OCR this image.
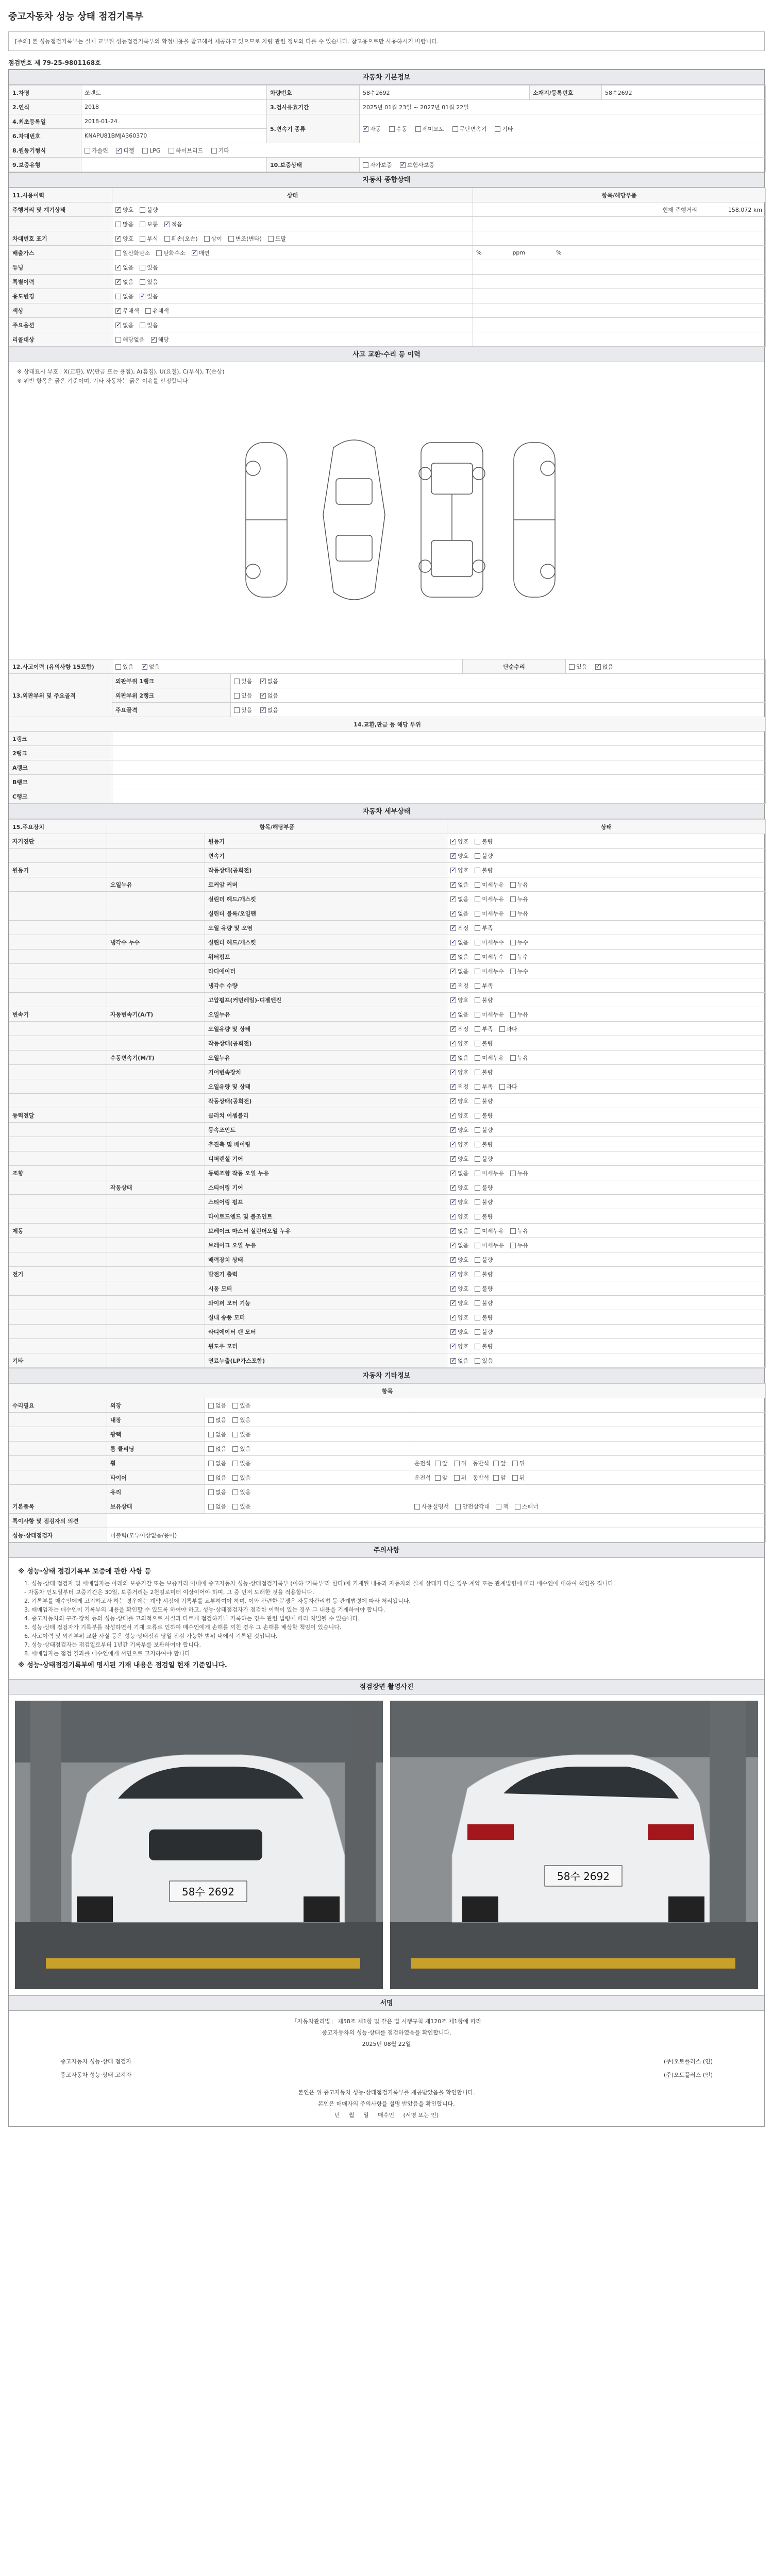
중고자동차 성능 상태 점검기록부
[주의] 본 성능점검기록부는 실제 교부된 성능점검기록부의 확정내용을 참고해서 제공하고 있으므로 차량 관련 정보와 다를 수 있습니다. 참고용으로만 사용하시기 바랍니다.
점검번호 제 79-25-9801168호
자동차 기본정보
1.차명	쏘렌토	차량번호	58수2692	소재지/등록번호	58수2692
2.연식	2018	3.검사유효기간	2025년 01월 23일 ~ 2027년 01월 22일		
4.최초등록일	2018-01-24	5.변속기 종류	✓자동 수동 세미오토 무단변속기 기타
6.차대번호	KNAPU81BMJA360370				
8.원동기형식	가솔린 ✓ 디젤 LPG 하이브리드 기타
9.보증유형		10.보증상태	자가보증 ✓ 보험사보증
자동차 종합상태
11.사용이력	상태	항목/해당부품
주행거리 및 계기상태	✓양호 불량	현재 주행거리 158,072 km
	많음 보통 ✓ 적음	
차대번호 표기	✓양호 부식 훼손(오손) 상이 변조(변타) 도말	
배출가스	일산화탄소 탄화수소 ✓ 매연	% ppm %
튜닝	✓없음 있음	
특별이력	✓없음 있음	
용도변경	없음 ✓ 있음	
색상	✓무채색 유채색	
주요옵션	✓없음 있음	
리콜대상	해당없음 ✓ 해당	
사고 교환·수리 등 이력
※ 상태표시 부호 : X(교환), W(판금 또는 용접), A(흠집), U(요철), C(부식), T(손상)
※ 위반 항목은 굵은 기준이며, 기타 자동차는 굵은 이유를 판정합니다
12.사고이력 (유의사항 15포함)	있음 ✓ 없음		단순수리	있음 ✓ 없음
13.외판부위 및 주요골격	외판부위 1랭크	있음 ✓ 없음
	외판부위 2랭크	있음 ✓ 없음
	주요골격	있음 ✓ 없음
14.교환,판금 등 해당 부위				
1랭크				
2랭크				
A랭크				
B랭크				
C랭크				
자동차 세부상태
15.주요장치	항목/해당부품		상태
자기진단		원동기	✓양호 불량
		변속기	✓양호 불량
원동기		작동상태(공회전)	✓양호 불량
	오일누유	로커암 커버	✓없음 미세누유 누유
		실린더 헤드/개스킷	✓없음 미세누유 누유
		실린더 블록/오일팬	✓없음 미세누유 누유
		오일 유량 및 오염	✓적정 부족
	냉각수 누수	실린더 헤드/개스킷	✓없음 미세누수 누수
		워터펌프	✓없음 미세누수 누수
		라디에이터	✓없음 미세누수 누수
		냉각수 수량	✓적정 부족
		고압펌프(커먼레일)-디젤엔진	✓양호 불량
변속기	자동변속기(A/T)	오일누유	✓없음 미세누유 누유
		오일유량 및 상태	✓적정 부족 과다
		작동상태(공회전)	✓양호 불량
	수동변속기(M/T)	오일누유	✓없음 미세누유 누유
		기어변속장치	✓양호 불량
		오일유량 및 상태	✓적정 부족 과다
		작동상태(공회전)	✓양호 불량
동력전달		클러치 어셈블리	✓양호 불량
		등속조인트	✓양호 불량
		추진축 및 베어링	✓양호 불량
		디퍼렌셜 기어	✓양호 불량
조향		동력조향 작동 오일 누유	✓없음 미세누유 누유
	작동상태	스티어링 기어	✓양호 불량
		스티어링 펌프	✓양호 불량
		타이로드엔드 및 볼조인트	✓양호 불량
제동		브레이크 마스터 실린더오일 누유	✓없음 미세누유 누유
		브레이크 오일 누유	✓없음 미세누유 누유
		배력장치 상태	✓양호 불량
전기		발전기 출력	✓양호 불량
		시동 모터	✓양호 불량
		와이퍼 모터 기능	✓양호 불량
		실내 송풍 모터	✓양호 불량
		라디에이터 팬 모터	✓양호 불량
		윈도우 모터	✓양호 불량
기타		연료누출(LP가스포함)	✓없음 있음
자동차 기타정보
항목			
수리필요	외장	없음 있음	
	내장	없음 있음	
	광택	없음 있음	
	룸 클리닝	없음 있음	
	휠	없음 있음	운전석 앞 뒤 동반석 앞 뒤
	타이어	없음 있음	운전석 앞 뒤 동반석 앞 뒤
	유리	없음 있음	
기본품목	보유상태	없음 있음	사용설명서 안전삼각대 잭 스패너
특이사항 및 점검자의 의견			
성능·상태점검자	미출력(모두이상없음/용어)		
주의사항
※ 성능·상태 점검기록부 보증에 관한 사항 등
1. 성능·상태 점검자 및 매매업자는 아래의 보증기간 또는 보증거리 이내에 중고자동차 성능·상태점검기록부 (이하 '기록부'라 한다)에 기재된 내용과 자동차의 실제 상태가 다른 경우 계약 또는 관계법령에 따라 매수인에 대하여 책임을 집니다.
- 자동차 인도일부터 보증기간은 30일, 보증거리는 2천킬로미터 이상이어야 하며, 그 중 먼저 도래한 것을 적용합니다.
2. 기록부를 매수인에게 고지하고자 하는 경우에는 계약 시점에 기록부를 교부하여야 하며, 이와 관련한 분쟁은 자동차관리법 등 관계법령에 따라 처리됩니다.
3. 매매업자는 매수인이 기록부의 내용을 확인할 수 있도록 하여야 하고, 성능·상태점검자가 점검한 이력이 있는 경우 그 내용을 기재하여야 합니다.
4. 중고자동차의 구조·장치 등의 성능·상태를 고의적으로 사실과 다르게 점검하거나 기록하는 경우 관련 법령에 따라 처벌될 수 있습니다.
5. 성능·상태 점검자가 기록부를 작성하면서 기재 오류로 인하여 매수인에게 손해를 끼친 경우 그 손해를 배상할 책임이 있습니다.
6. 사고이력 및 외판부위 교환 사실 등은 성능·상태점검 당일 점검 가능한 범위 내에서 기록된 것입니다.
7. 성능·상태점검자는 점검일로부터 1년간 기록부를 보관하여야 합니다.
8. 매매업자는 점검 결과를 매수인에게 서면으로 고지하여야 합니다.
※ 성능·상태점검기록부에 명시된 기재 내용은 점검일 현재 기준입니다.
점검장면 촬영사진
58수 2692
58수 2692
서명
「자동차관리법」 제58조 제1항 및 같은 법 시행규칙 제120조 제1항에 따라
중고자동차의 성능·상태를 점검하였음을 확인합니다.
2025년 08월 22일
중고자동차 성능·상태 점검자	(주)오토플러스 (인)
중고자동차 성능·상태 고지자	(주)오토플러스 (인)
본인은 위 중고자동차 성능·상태점검기록부를 제공받았음을 확인합니다.
본인은 매매자의 주의사항을 설명 받았음을 확인합니다.
년 월 일 매수인 (서명 또는 인)
